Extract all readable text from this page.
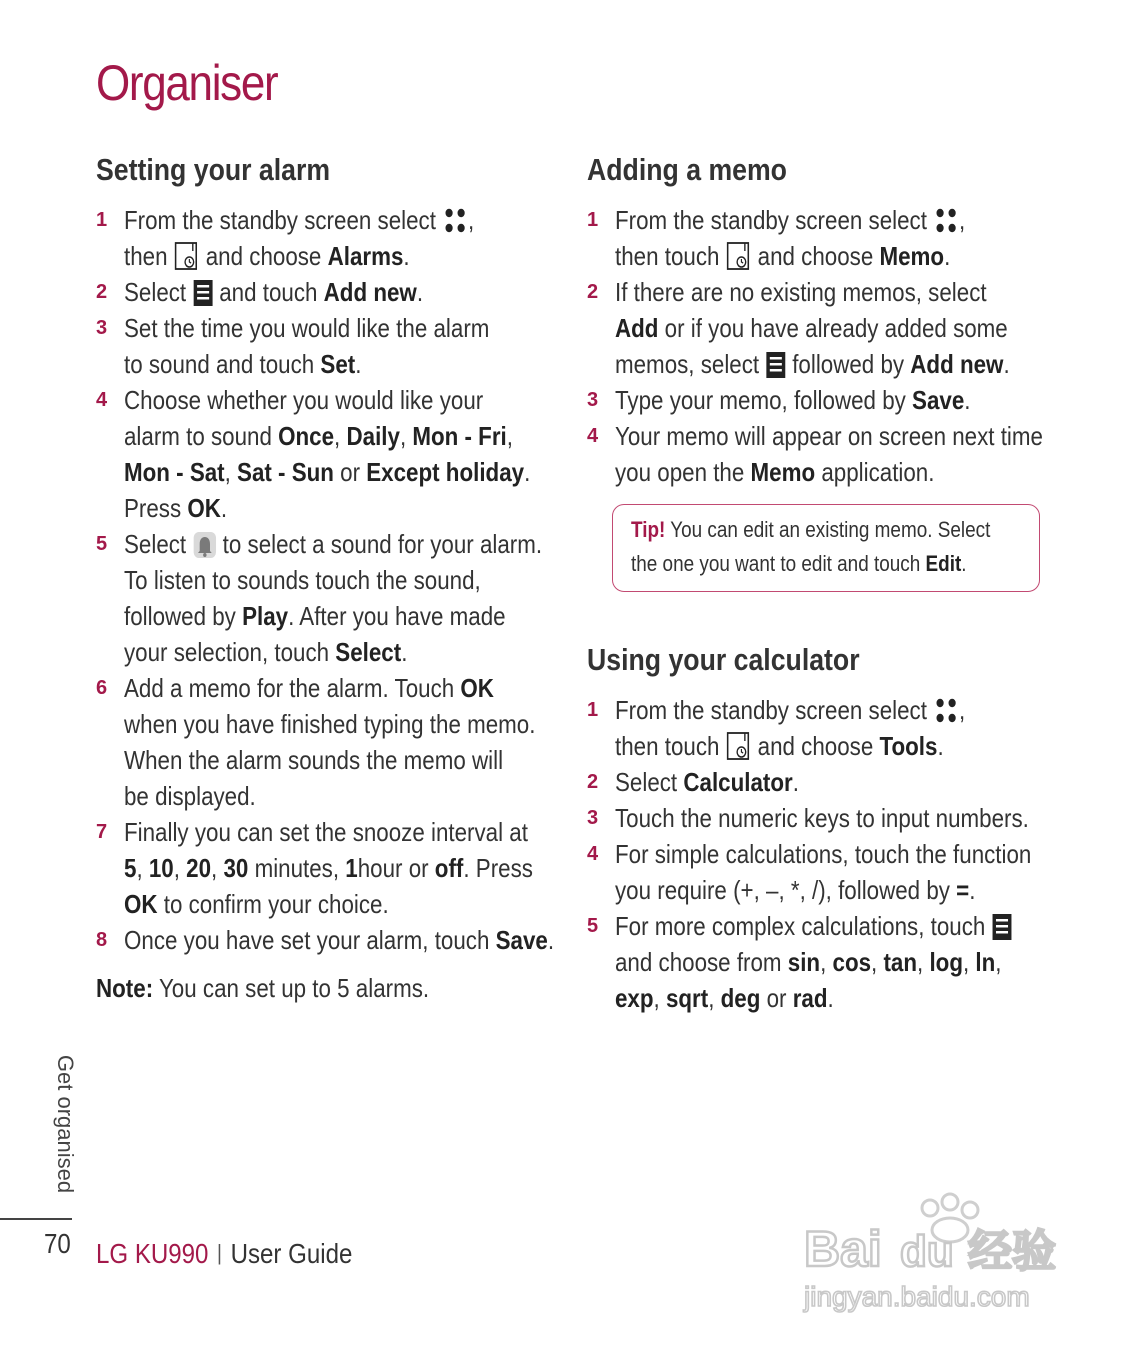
Organiser
Setting your alarm
1 From the standby screen select ,
then  and choose Alarms.
2 Select  and touch Add new.
3 Set the time you would like the alarm
to sound and touch Set.
4 Choose whether you would like your
alarm to sound Once, Daily, Mon - Fri,
Mon - Sat, Sat - Sun or Except holiday.
Press OK.
5 Select  to select a sound for your alarm.
To listen to sounds touch the sound,
followed by Play. After you have made
your selection, touch Select.
6 Add a memo for the alarm. Touch OK
when you have finished typing the memo.
When the alarm sounds the memo will
be displayed.
7 Finally you can set the snooze interval at
5, 10, 20, 30 minutes, 1hour or off. Press
OK to confirm your choice.
8 Once you have set your alarm, touch Save.
Note: You can set up to 5 alarms.
Adding a memo
1 From the standby screen select ,
then touch  and choose Memo.
2 If there are no existing memos, select
Add or if you have already added some
memos, select  followed by Add new.
3 Type your memo, followed by Save.
4 Your memo will appear on screen next time
you open the Memo application.
Tip! You can edit an existing memo. Select
the one you want to edit and touch Edit.
Using your calculator
1 From the standby screen select ,
then touch  and choose Tools.
2 Select Calculator.
3 Touch the numeric keys to input numbers.
4 For simple calculations, touch the function
you require (+, –, *, /), followed by =.
5 For more complex calculations, touch
and choose from sin, cos, tan, log, ln,
exp, sqrt, deg or rad.
Get organised
70 LG KU990 | User Guide	Bai du 经验
jingyan.baidu.com
